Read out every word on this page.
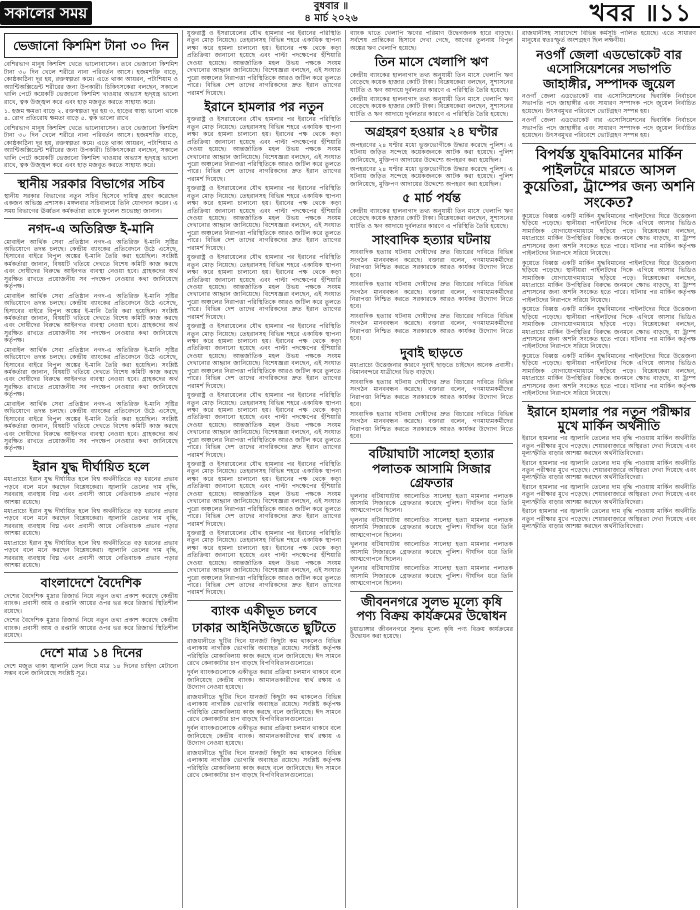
সকালের সময়	বুধবার ॥
৪ মার্চ ২০২৬	খবর ॥১১
ভেজানো কিশমিশ টানা ৩০ দিন

বেশিরভাগ মানুষ কিশমিশ খেতে ভালোবাসেন। তবে ভেজানো কিশমিশ টানা ৩০ দিন খেলে শরীরে নানা পরিবর্তন আসে। হজমশক্তি বাড়ে, কোষ্ঠকাঠিন্য দূর হয়, রক্তস্বল্পতা কমে। এতে থাকা আয়রন, পটাশিয়াম ও অ্যান্টিঅক্সিডেন্ট শরীরের জন্য উপকারী। চিকিৎসকেরা বলছেন, সকালে খালি পেটে কয়েকটি ভেজানো কিশমিশ খাওয়ার অভ্যাস হৃদ্‌যন্ত্র ভালো রাখে, ত্বক উজ্জ্বল করে এবং হাড় মজবুত করতে সাহায্য করে।

১. হজম ক্ষমতা বাড়ে ২. রক্তস্বল্পতা দূর হয় ৩. হাড়ের স্বাস্থ্য ভালো থাকে ৪. রোগ প্রতিরোধ ক্ষমতা বাড়ে ৫. ত্বক ভালো রাখে

বেশিরভাগ মানুষ কিশমিশ খেতে ভালোবাসেন। তবে ভেজানো কিশমিশ টানা ৩০ দিন খেলে শরীরে নানা পরিবর্তন আসে। হজমশক্তি বাড়ে, কোষ্ঠকাঠিন্য দূর হয়, রক্তস্বল্পতা কমে। এতে থাকা আয়রন, পটাশিয়াম ও অ্যান্টিঅক্সিডেন্ট শরীরের জন্য উপকারী। চিকিৎসকেরা বলছেন, সকালে খালি পেটে কয়েকটি ভেজানো কিশমিশ খাওয়ার অভ্যাস হৃদ্‌যন্ত্র ভালো রাখে, ত্বক উজ্জ্বল করে এবং হাড় মজবুত করতে সাহায্য করে।

স্থানীয় সরকার বিভাগের সচিব

স্থানীয় সরকার বিভাগের নতুন সচিব হিসেবে দায়িত্ব গ্রহণ করেছেন একজন অভিজ্ঞ প্রশাসক। মঙ্গলবার সচিবালয়ে তিনি যোগদান করেন। এ সময় বিভাগের ঊর্ধ্বতন কর্মকর্তারা তাকে ফুলেল শুভেচ্ছা জানান।

নগদ-এ অতিরিক্ত ই-মানি

মোবাইল আর্থিক সেবা প্রতিষ্ঠান নগদ-এ অতিরিক্ত ই-মানি সৃষ্টির অভিযোগে তদন্ত চলছে। কেন্দ্রীয় ব্যাংকের প্রতিবেদনে উঠে এসেছে, হিসাবের বাইরে বিপুল অঙ্কের ই-মানি তৈরি করা হয়েছিল। সংশ্লিষ্ট কর্মকর্তারা জানান, বিষয়টি খতিয়ে দেখতে বিশেষ কমিটি কাজ করছে এবং দোষীদের বিরুদ্ধে আইনগত ব্যবস্থা নেওয়া হবে। গ্রাহকদের অর্থ সুরক্ষিত রাখতে প্রয়োজনীয় সব পদক্ষেপ নেওয়ার কথা জানিয়েছে কর্তৃপক্ষ।

মোবাইল আর্থিক সেবা প্রতিষ্ঠান নগদ-এ অতিরিক্ত ই-মানি সৃষ্টির অভিযোগে তদন্ত চলছে। কেন্দ্রীয় ব্যাংকের প্রতিবেদনে উঠে এসেছে, হিসাবের বাইরে বিপুল অঙ্কের ই-মানি তৈরি করা হয়েছিল। সংশ্লিষ্ট কর্মকর্তারা জানান, বিষয়টি খতিয়ে দেখতে বিশেষ কমিটি কাজ করছে এবং দোষীদের বিরুদ্ধে আইনগত ব্যবস্থা নেওয়া হবে। গ্রাহকদের অর্থ সুরক্ষিত রাখতে প্রয়োজনীয় সব পদক্ষেপ নেওয়ার কথা জানিয়েছে কর্তৃপক্ষ।

মোবাইল আর্থিক সেবা প্রতিষ্ঠান নগদ-এ অতিরিক্ত ই-মানি সৃষ্টির অভিযোগে তদন্ত চলছে। কেন্দ্রীয় ব্যাংকের প্রতিবেদনে উঠে এসেছে, হিসাবের বাইরে বিপুল অঙ্কের ই-মানি তৈরি করা হয়েছিল। সংশ্লিষ্ট কর্মকর্তারা জানান, বিষয়টি খতিয়ে দেখতে বিশেষ কমিটি কাজ করছে এবং দোষীদের বিরুদ্ধে আইনগত ব্যবস্থা নেওয়া হবে। গ্রাহকদের অর্থ সুরক্ষিত রাখতে প্রয়োজনীয় সব পদক্ষেপ নেওয়ার কথা জানিয়েছে কর্তৃপক্ষ।

মোবাইল আর্থিক সেবা প্রতিষ্ঠান নগদ-এ অতিরিক্ত ই-মানি সৃষ্টির অভিযোগে তদন্ত চলছে। কেন্দ্রীয় ব্যাংকের প্রতিবেদনে উঠে এসেছে, হিসাবের বাইরে বিপুল অঙ্কের ই-মানি তৈরি করা হয়েছিল। সংশ্লিষ্ট কর্মকর্তারা জানান, বিষয়টি খতিয়ে দেখতে বিশেষ কমিটি কাজ করছে এবং দোষীদের বিরুদ্ধে আইনগত ব্যবস্থা নেওয়া হবে। গ্রাহকদের অর্থ সুরক্ষিত রাখতে প্রয়োজনীয় সব পদক্ষেপ নেওয়ার কথা জানিয়েছে কর্তৃপক্ষ।

ইরান যুদ্ধ দীর্ঘায়িত হলে

মধ্যপ্রাচ্যে ইরান যুদ্ধ দীর্ঘায়িত হলে বিশ্ব অর্থনীতিতে বড় ধরনের প্রভাব পড়বে বলে মনে করছেন বিশ্লেষকেরা। জ্বালানি তেলের দাম বৃদ্ধি, সরবরাহ ব্যবস্থায় বিঘ্ন এবং প্রবাসী আয়ে নেতিবাচক প্রভাব পড়ার আশঙ্কা রয়েছে।

মধ্যপ্রাচ্যে ইরান যুদ্ধ দীর্ঘায়িত হলে বিশ্ব অর্থনীতিতে বড় ধরনের প্রভাব পড়বে বলে মনে করছেন বিশ্লেষকেরা। জ্বালানি তেলের দাম বৃদ্ধি, সরবরাহ ব্যবস্থায় বিঘ্ন এবং প্রবাসী আয়ে নেতিবাচক প্রভাব পড়ার আশঙ্কা রয়েছে।

মধ্যপ্রাচ্যে ইরান যুদ্ধ দীর্ঘায়িত হলে বিশ্ব অর্থনীতিতে বড় ধরনের প্রভাব পড়বে বলে মনে করছেন বিশ্লেষকেরা। জ্বালানি তেলের দাম বৃদ্ধি, সরবরাহ ব্যবস্থায় বিঘ্ন এবং প্রবাসী আয়ে নেতিবাচক প্রভাব পড়ার আশঙ্কা রয়েছে।

বাংলাদেশে বৈদেশিক

দেশের বৈদেশিক মুদ্রার রিজার্ভ নিয়ে নতুন তথ্য প্রকাশ করেছে কেন্দ্রীয় ব্যাংক। প্রবাসী আয় ও রপ্তানি আয়ের ওপর ভর করে রিজার্ভ স্থিতিশীল রয়েছে।

দেশের বৈদেশিক মুদ্রার রিজার্ভ নিয়ে নতুন তথ্য প্রকাশ করেছে কেন্দ্রীয় ব্যাংক। প্রবাসী আয় ও রপ্তানি আয়ের ওপর ভর করে রিজার্ভ স্থিতিশীল রয়েছে।

দেশে মাত্র ১৪ দিনের

দেশে মজুত থাকা জ্বালানি তেল দিয়ে মাত্র ১৪ দিনের চাহিদা মেটানো সম্ভব বলে জানিয়েছে সংশ্লিষ্ট সূত্র।

যুক্তরাষ্ট্র ও ইসরায়েলের যৌথ হামলার পর ইরানের পরিস্থিতি নতুন মোড় নিয়েছে। তেহরানসহ বিভিন্ন শহরে একাধিক স্থাপনা লক্ষ্য করে হামলা চালানো হয়। ইরানের পক্ষ থেকে কড়া প্রতিক্রিয়া জানানো হয়েছে এবং পাল্টা পদক্ষেপের হুঁশিয়ারি দেওয়া হয়েছে। আন্তর্জাতিক মহল উভয় পক্ষকে সংযম দেখানোর আহ্বান জানিয়েছে। বিশেষজ্ঞরা বলছেন, এই সংঘাত পুরো অঞ্চলের নিরাপত্তা পরিস্থিতিকে আরও জটিল করে তুলতে পারে। বিভিন্ন দেশ তাদের নাগরিকদের দ্রুত ইরান ত্যাগের পরামর্শ দিয়েছে।

ইরানে হামলার পর নতুন

যুক্তরাষ্ট্র ও ইসরায়েলের যৌথ হামলার পর ইরানের পরিস্থিতি নতুন মোড় নিয়েছে। তেহরানসহ বিভিন্ন শহরে একাধিক স্থাপনা লক্ষ্য করে হামলা চালানো হয়। ইরানের পক্ষ থেকে কড়া প্রতিক্রিয়া জানানো হয়েছে এবং পাল্টা পদক্ষেপের হুঁশিয়ারি দেওয়া হয়েছে। আন্তর্জাতিক মহল উভয় পক্ষকে সংযম দেখানোর আহ্বান জানিয়েছে। বিশেষজ্ঞরা বলছেন, এই সংঘাত পুরো অঞ্চলের নিরাপত্তা পরিস্থিতিকে আরও জটিল করে তুলতে পারে। বিভিন্ন দেশ তাদের নাগরিকদের দ্রুত ইরান ত্যাগের পরামর্শ দিয়েছে।

যুক্তরাষ্ট্র ও ইসরায়েলের যৌথ হামলার পর ইরানের পরিস্থিতি নতুন মোড় নিয়েছে। তেহরানসহ বিভিন্ন শহরে একাধিক স্থাপনা লক্ষ্য করে হামলা চালানো হয়। ইরানের পক্ষ থেকে কড়া প্রতিক্রিয়া জানানো হয়েছে এবং পাল্টা পদক্ষেপের হুঁশিয়ারি দেওয়া হয়েছে। আন্তর্জাতিক মহল উভয় পক্ষকে সংযম দেখানোর আহ্বান জানিয়েছে। বিশেষজ্ঞরা বলছেন, এই সংঘাত পুরো অঞ্চলের নিরাপত্তা পরিস্থিতিকে আরও জটিল করে তুলতে পারে। বিভিন্ন দেশ তাদের নাগরিকদের দ্রুত ইরান ত্যাগের পরামর্শ দিয়েছে।

যুক্তরাষ্ট্র ও ইসরায়েলের যৌথ হামলার পর ইরানের পরিস্থিতি নতুন মোড় নিয়েছে। তেহরানসহ বিভিন্ন শহরে একাধিক স্থাপনা লক্ষ্য করে হামলা চালানো হয়। ইরানের পক্ষ থেকে কড়া প্রতিক্রিয়া জানানো হয়েছে এবং পাল্টা পদক্ষেপের হুঁশিয়ারি দেওয়া হয়েছে। আন্তর্জাতিক মহল উভয় পক্ষকে সংযম দেখানোর আহ্বান জানিয়েছে। বিশেষজ্ঞরা বলছেন, এই সংঘাত পুরো অঞ্চলের নিরাপত্তা পরিস্থিতিকে আরও জটিল করে তুলতে পারে। বিভিন্ন দেশ তাদের নাগরিকদের দ্রুত ইরান ত্যাগের পরামর্শ দিয়েছে।

যুক্তরাষ্ট্র ও ইসরায়েলের যৌথ হামলার পর ইরানের পরিস্থিতি নতুন মোড় নিয়েছে। তেহরানসহ বিভিন্ন শহরে একাধিক স্থাপনা লক্ষ্য করে হামলা চালানো হয়। ইরানের পক্ষ থেকে কড়া প্রতিক্রিয়া জানানো হয়েছে এবং পাল্টা পদক্ষেপের হুঁশিয়ারি দেওয়া হয়েছে। আন্তর্জাতিক মহল উভয় পক্ষকে সংযম দেখানোর আহ্বান জানিয়েছে। বিশেষজ্ঞরা বলছেন, এই সংঘাত পুরো অঞ্চলের নিরাপত্তা পরিস্থিতিকে আরও জটিল করে তুলতে পারে। বিভিন্ন দেশ তাদের নাগরিকদের দ্রুত ইরান ত্যাগের পরামর্শ দিয়েছে।

যুক্তরাষ্ট্র ও ইসরায়েলের যৌথ হামলার পর ইরানের পরিস্থিতি নতুন মোড় নিয়েছে। তেহরানসহ বিভিন্ন শহরে একাধিক স্থাপনা লক্ষ্য করে হামলা চালানো হয়। ইরানের পক্ষ থেকে কড়া প্রতিক্রিয়া জানানো হয়েছে এবং পাল্টা পদক্ষেপের হুঁশিয়ারি দেওয়া হয়েছে। আন্তর্জাতিক মহল উভয় পক্ষকে সংযম দেখানোর আহ্বান জানিয়েছে। বিশেষজ্ঞরা বলছেন, এই সংঘাত পুরো অঞ্চলের নিরাপত্তা পরিস্থিতিকে আরও জটিল করে তুলতে পারে। বিভিন্ন দেশ তাদের নাগরিকদের দ্রুত ইরান ত্যাগের পরামর্শ দিয়েছে।

যুক্তরাষ্ট্র ও ইসরায়েলের যৌথ হামলার পর ইরানের পরিস্থিতি নতুন মোড় নিয়েছে। তেহরানসহ বিভিন্ন শহরে একাধিক স্থাপনা লক্ষ্য করে হামলা চালানো হয়। ইরানের পক্ষ থেকে কড়া প্রতিক্রিয়া জানানো হয়েছে এবং পাল্টা পদক্ষেপের হুঁশিয়ারি দেওয়া হয়েছে। আন্তর্জাতিক মহল উভয় পক্ষকে সংযম দেখানোর আহ্বান জানিয়েছে। বিশেষজ্ঞরা বলছেন, এই সংঘাত পুরো অঞ্চলের নিরাপত্তা পরিস্থিতিকে আরও জটিল করে তুলতে পারে। বিভিন্ন দেশ তাদের নাগরিকদের দ্রুত ইরান ত্যাগের পরামর্শ দিয়েছে।

যুক্তরাষ্ট্র ও ইসরায়েলের যৌথ হামলার পর ইরানের পরিস্থিতি নতুন মোড় নিয়েছে। তেহরানসহ বিভিন্ন শহরে একাধিক স্থাপনা লক্ষ্য করে হামলা চালানো হয়। ইরানের পক্ষ থেকে কড়া প্রতিক্রিয়া জানানো হয়েছে এবং পাল্টা পদক্ষেপের হুঁশিয়ারি দেওয়া হয়েছে। আন্তর্জাতিক মহল উভয় পক্ষকে সংযম দেখানোর আহ্বান জানিয়েছে। বিশেষজ্ঞরা বলছেন, এই সংঘাত পুরো অঞ্চলের নিরাপত্তা পরিস্থিতিকে আরও জটিল করে তুলতে পারে। বিভিন্ন দেশ তাদের নাগরিকদের দ্রুত ইরান ত্যাগের পরামর্শ দিয়েছে।

ব্যাংক একীভূত চলবে
ঢাকার আইনিউজেতে ছুটিতে

রাজধানীতে ছুটির দিনে যানজট কিছুটা কম থাকলেও বিভিন্ন এলাকায় নাগরিক ভোগান্তি অব্যাহত রয়েছে। সংশ্লিষ্ট কর্তৃপক্ষ পরিস্থিতি মোকাবিলায় কাজ করছে বলে জানিয়েছে। ঈদ সামনে রেখে কেনাকাটার চাপ বাড়ছে বিপণিবিতানগুলোতে।

দুর্বল ব্যাংকগুলোকে একীভূত করার প্রক্রিয়া চলমান থাকবে বলে জানিয়েছে কেন্দ্রীয় ব্যাংক। আমানতকারীদের স্বার্থ রক্ষায় এ উদ্যোগ নেওয়া হয়েছে।

রাজধানীতে ছুটির দিনে যানজট কিছুটা কম থাকলেও বিভিন্ন এলাকায় নাগরিক ভোগান্তি অব্যাহত রয়েছে। সংশ্লিষ্ট কর্তৃপক্ষ পরিস্থিতি মোকাবিলায় কাজ করছে বলে জানিয়েছে। ঈদ সামনে রেখে কেনাকাটার চাপ বাড়ছে বিপণিবিতানগুলোতে।

দুর্বল ব্যাংকগুলোকে একীভূত করার প্রক্রিয়া চলমান থাকবে বলে জানিয়েছে কেন্দ্রীয় ব্যাংক। আমানতকারীদের স্বার্থ রক্ষায় এ উদ্যোগ নেওয়া হয়েছে।

রাজধানীতে ছুটির দিনে যানজট কিছুটা কম থাকলেও বিভিন্ন এলাকায় নাগরিক ভোগান্তি অব্যাহত রয়েছে। সংশ্লিষ্ট কর্তৃপক্ষ পরিস্থিতি মোকাবিলায় কাজ করছে বলে জানিয়েছে। ঈদ সামনে রেখে কেনাকাটার চাপ বাড়ছে বিপণিবিতানগুলোতে।

ব্যাংক খাতে খেলাপি ঋণের পরিমাণ উদ্বেগজনক হারে বাড়ছে। সর্বশেষ প্রান্তিকের হিসাবে দেখা গেছে, আগের তুলনায় বিপুল অঙ্কের ঋণ খেলাপি হয়েছে।

তিন মাসে খেলাপি ঋণ

কেন্দ্রীয় ব্যাংকের হালনাগাদ তথ্য অনুযায়ী তিন মাসে খেলাপি ঋণ বেড়েছে কয়েক হাজার কোটি টাকা। বিশ্লেষকেরা বলছেন, সুশাসনের ঘাটতি ও ঋণ আদায়ে দুর্বলতার কারণে এ পরিস্থিতি তৈরি হয়েছে।

কেন্দ্রীয় ব্যাংকের হালনাগাদ তথ্য অনুযায়ী তিন মাসে খেলাপি ঋণ বেড়েছে কয়েক হাজার কোটি টাকা। বিশ্লেষকেরা বলছেন, সুশাসনের ঘাটতি ও ঋণ আদায়ে দুর্বলতার কারণে এ পরিস্থিতি তৈরি হয়েছে।

অগ্রহরণ হওয়ার ২৪ ঘণ্টার

অপহরণের ২৪ ঘণ্টার মধ্যে ভুক্তভোগীকে উদ্ধার করেছে পুলিশ। এ ঘটনায় জড়িত সন্দেহে কয়েকজনকে আটক করা হয়েছে। পুলিশ জানিয়েছে, মুক্তিপণ আদায়ের উদ্দেশ্যে অপহরণ করা হয়েছিল।

অপহরণের ২৪ ঘণ্টার মধ্যে ভুক্তভোগীকে উদ্ধার করেছে পুলিশ। এ ঘটনায় জড়িত সন্দেহে কয়েকজনকে আটক করা হয়েছে। পুলিশ জানিয়েছে, মুক্তিপণ আদায়ের উদ্দেশ্যে অপহরণ করা হয়েছিল।

৫ মার্চ পর্যন্ত

কেন্দ্রীয় ব্যাংকের হালনাগাদ তথ্য অনুযায়ী তিন মাসে খেলাপি ঋণ বেড়েছে কয়েক হাজার কোটি টাকা। বিশ্লেষকেরা বলছেন, সুশাসনের ঘাটতি ও ঋণ আদায়ে দুর্বলতার কারণে এ পরিস্থিতি তৈরি হয়েছে।

সাংবাদিক হত্যার ঘটনায়

সাংবাদিক হত্যার ঘটনায় দোষীদের দ্রুত বিচারের দাবিতে বিভিন্ন সংগঠন মানববন্ধন করেছে। বক্তারা বলেন, গণমাধ্যমকর্মীদের নিরাপত্তা নিশ্চিত করতে সরকারকে আরও কার্যকর উদ্যোগ নিতে হবে।

সাংবাদিক হত্যার ঘটনায় দোষীদের দ্রুত বিচারের দাবিতে বিভিন্ন সংগঠন মানববন্ধন করেছে। বক্তারা বলেন, গণমাধ্যমকর্মীদের নিরাপত্তা নিশ্চিত করতে সরকারকে আরও কার্যকর উদ্যোগ নিতে হবে।

সাংবাদিক হত্যার ঘটনায় দোষীদের দ্রুত বিচারের দাবিতে বিভিন্ন সংগঠন মানববন্ধন করেছে। বক্তারা বলেন, গণমাধ্যমকর্মীদের নিরাপত্তা নিশ্চিত করতে সরকারকে আরও কার্যকর উদ্যোগ নিতে হবে।

দুবাই ছাড়তে

মধ্যপ্রাচ্যে উত্তেজনার কারণে দুবাই ছাড়তে চাইছেন অনেক প্রবাসী। বিমানবন্দরে যাত্রীদের ভিড় বাড়ছে।

সাংবাদিক হত্যার ঘটনায় দোষীদের দ্রুত বিচারের দাবিতে বিভিন্ন সংগঠন মানববন্ধন করেছে। বক্তারা বলেন, গণমাধ্যমকর্মীদের নিরাপত্তা নিশ্চিত করতে সরকারকে আরও কার্যকর উদ্যোগ নিতে হবে।

সাংবাদিক হত্যার ঘটনায় দোষীদের দ্রুত বিচারের দাবিতে বিভিন্ন সংগঠন মানববন্ধন করেছে। বক্তারা বলেন, গণমাধ্যমকর্মীদের নিরাপত্তা নিশ্চিত করতে সরকারকে আরও কার্যকর উদ্যোগ নিতে হবে।

বটিয়াঘাটা সালেহা হত্যার পলাতক আসামি সিজার গ্রেফতার

খুলনার বটিয়াঘাটায় আলোচিত সালেহা হত্যা মামলার পলাতক আসামি সিজারকে গ্রেফতার করেছে পুলিশ। দীর্ঘদিন ধরে তিনি আত্মগোপনে ছিলেন।

খুলনার বটিয়াঘাটায় আলোচিত সালেহা হত্যা মামলার পলাতক আসামি সিজারকে গ্রেফতার করেছে পুলিশ। দীর্ঘদিন ধরে তিনি আত্মগোপনে ছিলেন।

খুলনার বটিয়াঘাটায় আলোচিত সালেহা হত্যা মামলার পলাতক আসামি সিজারকে গ্রেফতার করেছে পুলিশ। দীর্ঘদিন ধরে তিনি আত্মগোপনে ছিলেন।

খুলনার বটিয়াঘাটায় আলোচিত সালেহা হত্যা মামলার পলাতক আসামি সিজারকে গ্রেফতার করেছে পুলিশ। দীর্ঘদিন ধরে তিনি আত্মগোপনে ছিলেন।

জীবননগরে সুলভ মূল্যে কৃষি পণ্য বিক্রয় কার্যক্রমের উদ্বোধন

চুয়াডাঙ্গার জীবননগরে সুলভ মূল্যে কৃষি পণ্য বিক্রয় কার্যক্রমের উদ্বোধন করা হয়েছে।

রাজধানীসহ সারাদেশে বিভিন্ন কর্মসূচি পালিত হয়েছে। এতে সাধারণ মানুষের স্বতঃস্ফূর্ত অংশগ্রহণ ছিল লক্ষণীয়।

নওগাঁ জেলা এডভোকেট বার এসোসিয়েশনের সভাপতি জাহাঙ্গীর, সম্পাদক জুয়েল

নওগাঁ জেলা এডভোকেট বার এসোসিয়েশনের দ্বিবার্ষিক নির্বাচনে সভাপতি পদে জাহাঙ্গীর এবং সাধারণ সম্পাদক পদে জুয়েল নির্বাচিত হয়েছেন। উৎসবমুখর পরিবেশে ভোটগ্রহণ সম্পন্ন হয়।

নওগাঁ জেলা এডভোকেট বার এসোসিয়েশনের দ্বিবার্ষিক নির্বাচনে সভাপতি পদে জাহাঙ্গীর এবং সাধারণ সম্পাদক পদে জুয়েল নির্বাচিত হয়েছেন। উৎসবমুখর পরিবেশে ভোটগ্রহণ সম্পন্ন হয়।

বিপর্যস্ত যুদ্ধবিমানের মার্কিন পাইলটরে মারতে আসল কুয়েতিরা, ট্রাম্পের জন্য অশনি সংকেত?

কুয়েতে বিধ্বস্ত একটি মার্কিন যুদ্ধবিমানের পাইলটদের ঘিরে উত্তেজনা ছড়িয়ে পড়েছে। স্থানীয়রা পাইলটদের দিকে এগিয়ে আসার ভিডিও সামাজিক যোগাযোগমাধ্যমে ছড়িয়ে পড়ে। বিশ্লেষকেরা বলছেন, মধ্যপ্রাচ্যে মার্কিন উপস্থিতির বিরুদ্ধে জনমনে ক্ষোভ বাড়ছে, যা ট্রাম্প প্রশাসনের জন্য অশনি সংকেত হতে পারে। ঘটনার পর মার্কিন কর্তৃপক্ষ পাইলটদের নিরাপদে সরিয়ে নিয়েছে।

কুয়েতে বিধ্বস্ত একটি মার্কিন যুদ্ধবিমানের পাইলটদের ঘিরে উত্তেজনা ছড়িয়ে পড়েছে। স্থানীয়রা পাইলটদের দিকে এগিয়ে আসার ভিডিও সামাজিক যোগাযোগমাধ্যমে ছড়িয়ে পড়ে। বিশ্লেষকেরা বলছেন, মধ্যপ্রাচ্যে মার্কিন উপস্থিতির বিরুদ্ধে জনমনে ক্ষোভ বাড়ছে, যা ট্রাম্প প্রশাসনের জন্য অশনি সংকেত হতে পারে। ঘটনার পর মার্কিন কর্তৃপক্ষ পাইলটদের নিরাপদে সরিয়ে নিয়েছে।

কুয়েতে বিধ্বস্ত একটি মার্কিন যুদ্ধবিমানের পাইলটদের ঘিরে উত্তেজনা ছড়িয়ে পড়েছে। স্থানীয়রা পাইলটদের দিকে এগিয়ে আসার ভিডিও সামাজিক যোগাযোগমাধ্যমে ছড়িয়ে পড়ে। বিশ্লেষকেরা বলছেন, মধ্যপ্রাচ্যে মার্কিন উপস্থিতির বিরুদ্ধে জনমনে ক্ষোভ বাড়ছে, যা ট্রাম্প প্রশাসনের জন্য অশনি সংকেত হতে পারে। ঘটনার পর মার্কিন কর্তৃপক্ষ পাইলটদের নিরাপদে সরিয়ে নিয়েছে।

কুয়েতে বিধ্বস্ত একটি মার্কিন যুদ্ধবিমানের পাইলটদের ঘিরে উত্তেজনা ছড়িয়ে পড়েছে। স্থানীয়রা পাইলটদের দিকে এগিয়ে আসার ভিডিও সামাজিক যোগাযোগমাধ্যমে ছড়িয়ে পড়ে। বিশ্লেষকেরা বলছেন, মধ্যপ্রাচ্যে মার্কিন উপস্থিতির বিরুদ্ধে জনমনে ক্ষোভ বাড়ছে, যা ট্রাম্প প্রশাসনের জন্য অশনি সংকেত হতে পারে। ঘটনার পর মার্কিন কর্তৃপক্ষ পাইলটদের নিরাপদে সরিয়ে নিয়েছে।

ইরানে হামলার পর নতুন পরীক্ষার মুখে মার্কিন অর্থনীতি

ইরানে হামলার পর জ্বালানি তেলের দাম বৃদ্ধি পাওয়ায় মার্কিন অর্থনীতি নতুন পরীক্ষার মুখে পড়েছে। শেয়ারবাজারে অস্থিরতা দেখা দিয়েছে এবং মূল্যস্ফীতি বাড়ার আশঙ্কা করছেন অর্থনীতিবিদেরা।

ইরানে হামলার পর জ্বালানি তেলের দাম বৃদ্ধি পাওয়ায় মার্কিন অর্থনীতি নতুন পরীক্ষার মুখে পড়েছে। শেয়ারবাজারে অস্থিরতা দেখা দিয়েছে এবং মূল্যস্ফীতি বাড়ার আশঙ্কা করছেন অর্থনীতিবিদেরা।

ইরানে হামলার পর জ্বালানি তেলের দাম বৃদ্ধি পাওয়ায় মার্কিন অর্থনীতি নতুন পরীক্ষার মুখে পড়েছে। শেয়ারবাজারে অস্থিরতা দেখা দিয়েছে এবং মূল্যস্ফীতি বাড়ার আশঙ্কা করছেন অর্থনীতিবিদেরা।

ইরানে হামলার পর জ্বালানি তেলের দাম বৃদ্ধি পাওয়ায় মার্কিন অর্থনীতি নতুন পরীক্ষার মুখে পড়েছে। শেয়ারবাজারে অস্থিরতা দেখা দিয়েছে এবং মূল্যস্ফীতি বাড়ার আশঙ্কা করছেন অর্থনীতিবিদেরা।
